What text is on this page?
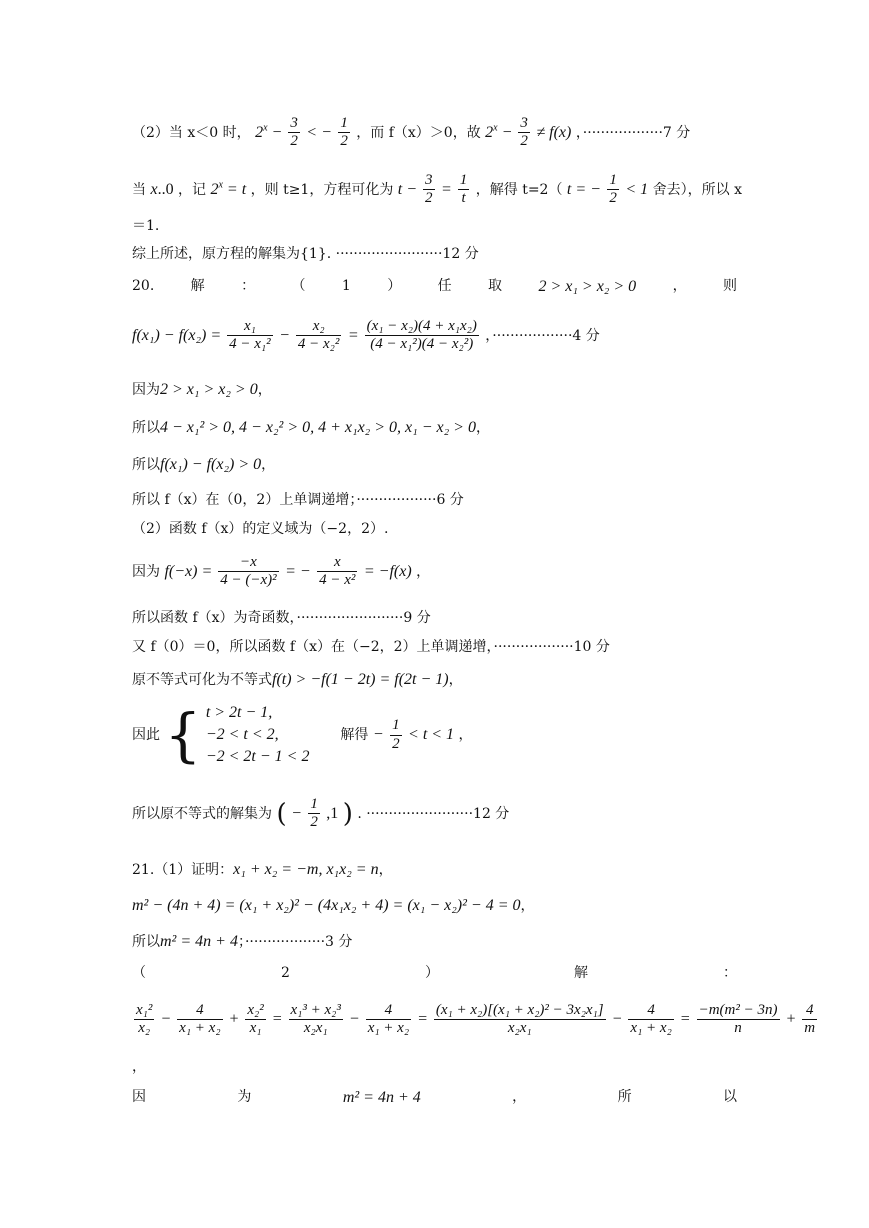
（2）当 x＜0 时， $2^x - \frac{3}{2}$ < − $\frac{1}{2}$ ，而 f（x）＞0，故 $2^x - \frac{3}{2} \ne f(x)$ ，··················7 分
当 x..0 ，记 $2^x = t$ ，则 t≥1，方程可化为 $t - \frac{3}{2} = \frac{1}{t}$ ，解得 t=2（ t = − $\frac{1}{2} < 1$ 舍去），所以 x
＝1.
综上所述，原方程的解集为{1}. ························12 分
20.	解	：	（	1	）	任	取 2 > x₁ > x₂ > 0	，	则
$f(x_1) - f(x_2) = \frac{\text{x₁}}{\text{4 − x₁²}} - \frac{\text{x₂}}{\text{4 − x₂²}} = \frac{\text{(x₁ − x₂)(4 + x₁x₂)}}{\text{(4 − x₁²)(4 − x₂²)}}$ ，··················4 分
因为2 > x₁ > x₂ > 0，
所以4 − x₁² > 0, 4 − x₂² > 0, 4 + x₁x₂ > 0, x₁ − x₂ > 0，
所以f(x₁) − f(x₂) > 0，
所以 f（x）在（0，2）上单调递增；··················6 分
（2）函数 f（x）的定义域为（−2，2）.
因为 $f(-x) = \frac{-x}{\text{4 − (−x)²}}$ = − $\frac{x}{\text{4 − x²}} = -f(x)$ ，
所以函数 f（x）为奇函数，························9 分
又 f（0）＝0，所以函数 f（x）在（−2，2）上单调递增，··················10 分
原不等式可化为不等式f(t) > −f(1 − 2t) = f(2t − 1)，
因此 { t > 2t − 1,
−2 < t < 2,
−2 < 2t − 1 < 2
解得 − $\frac{1}{2} < t < 1$ ，
所以原不等式的解集为 ( − $\frac{1}{2} ,1$ ) . ························12 分
21.（1）证明：x₁ + x₂ = −m, x₁x₂ = n，
m² − (4n + 4) = (x₁ + x₂)² − (4x₁x₂ + 4) = (x₁ − x₂)² − 4 = 0，
所以m² = 4n + 4；··················3 分
（	2	）	解	：
$\frac{\text{x₁²}}{\text{x₂}} - \frac{4}{\text{x₁ + x₂}} + \frac{\text{x₂²}}{\text{x₁}} = \frac{\text{x₁³ + x₂³}}{\text{x₂x₁}} - \frac{4}{\text{x₁ + x₂}} = \frac{\text{(x₁ + x₂)[(x₁ + x₂)² − 3x₂x₁]}}{\text{x₂x₁}} - \frac{4}{\text{x₁ + x₂}} = \frac{\text{−m(m² − 3n)}}{n} + \frac{4}{m}$
，
因	为	m² = 4n + 4	，	所	以
